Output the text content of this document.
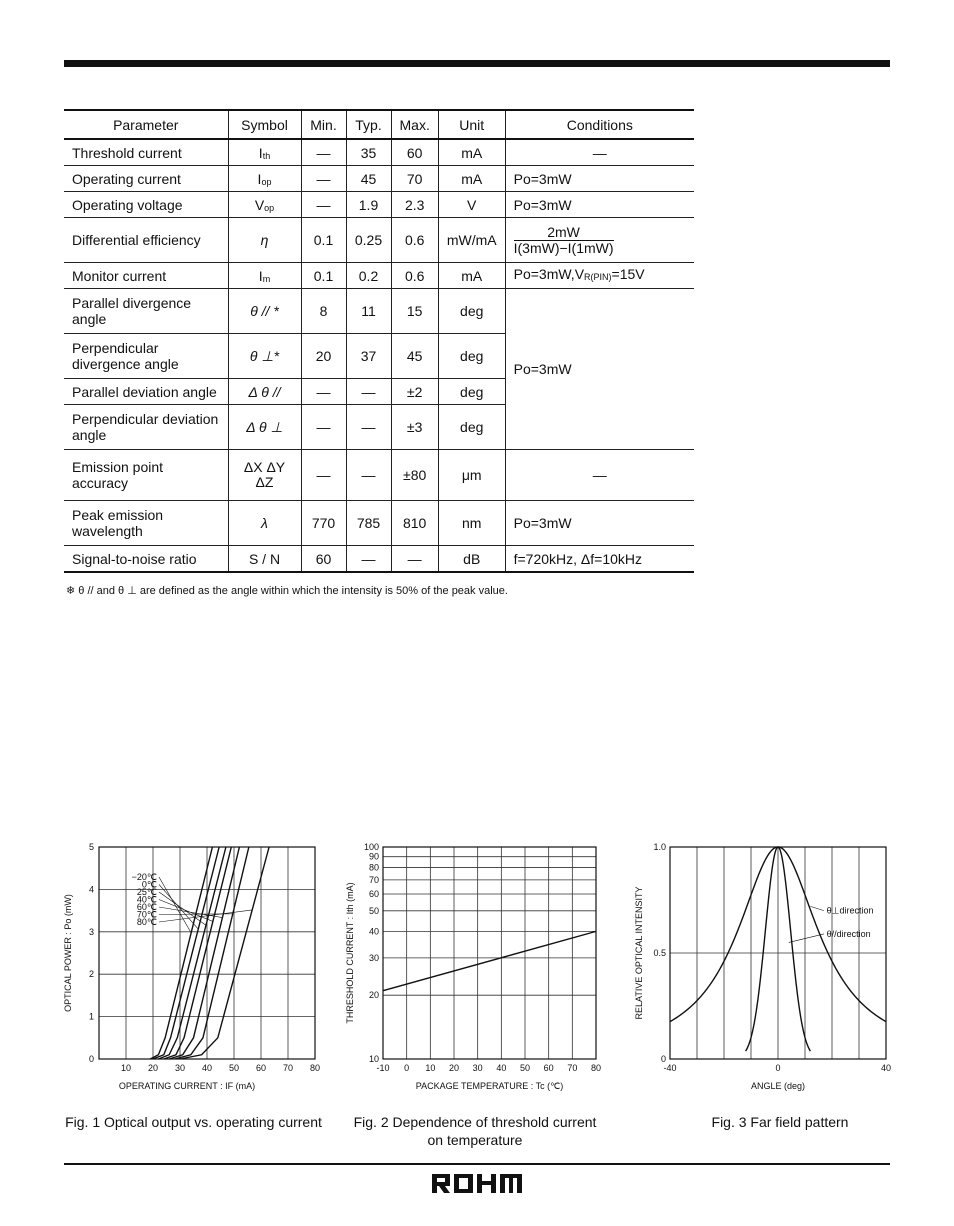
Parameter	Symbol	Min.	Typ.	Max.	Unit	Conditions
Threshold current	Ith	—	35	60	mA	—
Operating current	Iop	—	45	70	mA	Po=3mW
Operating voltage	Vop	—	1.9	2.3	V	Po=3mW
Differential efficiency	η	0.1	0.25	0.6	mW/mA	$\frac{2mW}{I(3mW)-I(1mW)}$
Monitor current	Im	0.1	0.2	0.6	mA	Po=3mW,VR(PIN)=15V
Parallel divergence angle	θ // *	8	11	15	deg	Po=3mW
Perpendicular divergence angle	θ ⊥*	20	37	45	deg	
Parallel deviation angle	Δ θ //	—	—	±2	deg	
Perpendicular deviation angle	Δ θ ⊥	—	—	±3	deg	
Emission point accuracy	ΔX ΔY ΔZ	—	—	±80	μm	—
Peak emission wavelength	λ	770	785	810	nm	Po=3mW
Signal-to-noise ratio	S / N	60	—	—	dB	f=720kHz, Δf=10kHz
❄ θ // and θ ⊥ are defined as the angle within which the intensity is 50% of the peak value.
10 20 30 40 50 60 70 80
0
1
2
3
4
5
−20℃
0℃
25℃
40℃
60℃
70℃
80℃
OPERATING CURRENT : IF (mA)
OPTICAL POWER : Po (mW)
-10 0 10 20 30 40 50 60 70 80
10
20
30
40
50
60
70
80
90
100
PACKAGE TEMPERATURE : Tc (℃)
THRESHOLD CURRENT : Ith (mA)
-40	0	40
0
0.5
1.0
θ⊥direction
θ//direction
ANGLE (deg)
RELATIVE OPTICAL INTENSITY
Fig. 1 Optical output vs. operating current	Fig. 2 Dependence of threshold current
on temperature
Fig. 3 Far field pattern
